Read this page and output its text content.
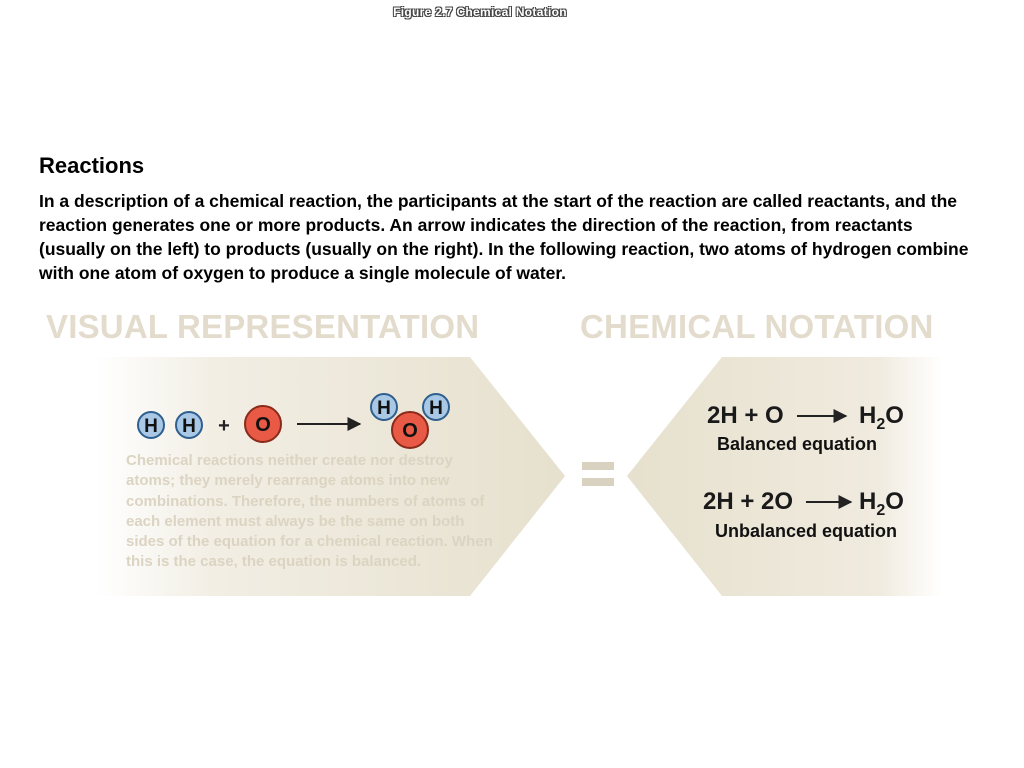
Figure 2.7 Chemical Notation
Reactions

In a description of a chemical reaction, the participants at the start of the reaction are called reactants, and the reaction generates one or more products. An arrow indicates the direction of the reaction, from reactants (usually on the left) to products (usually on the right). In the following reaction, two atoms of hydrogen combine with one atom of oxygen to produce a single molecule of water.

VISUAL REPRESENTATION	CHEMICAL NOTATION
H H + O
H H
O

Chemical reactions neither create nor destroy atoms; they merely rearrange atoms into new combinations. Therefore, the numbers of atoms of each element must always be the same on both sides of the equation for a chemical reaction. When this is the case, the equation is balanced.

2H + O	$H_2O$
Balanced equation
2H + 2O	$H_2O$
Unbalanced equation
